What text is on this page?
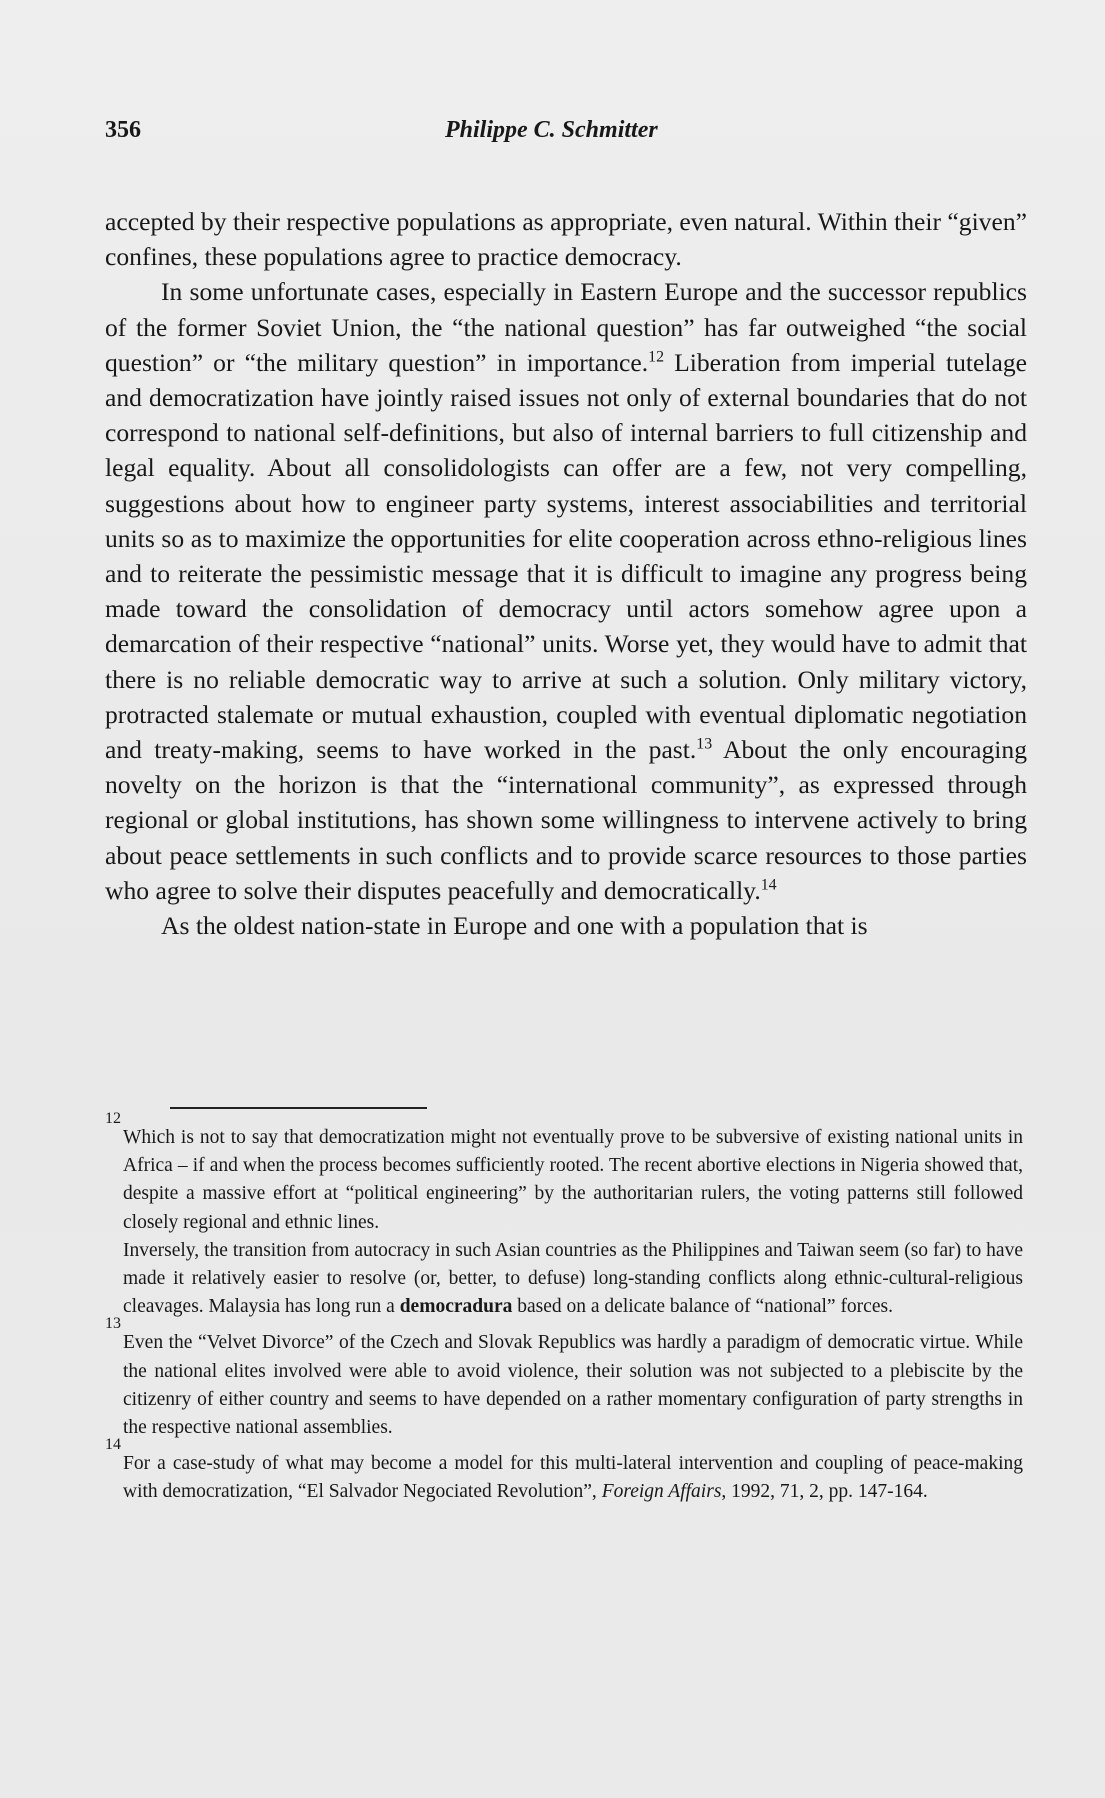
356	Philippe C. Schmitter

accepted by their respective populations as appropriate, even natural. Within their “given” confines, these populations agree to practice democracy.

In some unfortunate cases, especially in Eastern Europe and the successor republics of the former Soviet Union, the “the national question” has far outweighed “the social question” or “the military question” in importance.$^{12}$ Liberation from imperial tutelage and democratization have jointly raised issues not only of external boundaries that do not correspond to national self-definitions, but also of internal barriers to full citizenship and legal equality. About all consolidologists can offer are a few, not very compelling, suggestions about how to engineer party systems, interest associabilities and territorial units so as to maximize the opportunities for elite cooperation across ethno-religious lines and to reiterate the pessimistic message that it is difficult to imagine any progress being made toward the consolidation of democracy until actors somehow agree upon a demarcation of their respective “national” units. Worse yet, they would have to admit that there is no reliable democratic way to arrive at such a solution. Only military victory, protracted stalemate or mutual exhaustion, coupled with eventual diplomatic negotiation and treaty-making, seems to have worked in the past.$^{13}$ About the only encouraging novelty on the horizon is that the “international community”, as expressed through regional or global institutions, has shown some willingness to intervene actively to bring about peace settlements in such conflicts and to provide scarce resources to those parties who agree to solve their disputes peacefully and democratically.$^{14}$

As the oldest nation-state in Europe and one with a population that is

12

Which is not to say that democratization might not eventually prove to be subversive of existing national units in Africa – if and when the process becomes sufficiently rooted. The recent abortive elections in Nigeria showed that, despite a massive effort at “political engineering” by the authoritarian rulers, the voting patterns still followed closely regional and ethnic lines.

Inversely, the transition from autocracy in such Asian countries as the Philippines and Taiwan seem (so far) to have made it relatively easier to resolve (or, better, to defuse) long-standing conflicts along ethnic-cultural-religious cleavages. Malaysia has long run a democradura based on a delicate balance of “national” forces.

13

Even the “Velvet Divorce” of the Czech and Slovak Republics was hardly a paradigm of democratic virtue. While the national elites involved were able to avoid violence, their solution was not subjected to a plebiscite by the citizenry of either country and seems to have depended on a rather momentary configuration of party strengths in the respective national assemblies.

14

For a case-study of what may become a model for this multi-lateral intervention and coupling of peace-making with democratization, “El Salvador Negociated Revolution”, Foreign Affairs, 1992, 71, 2, pp. 147-164.
